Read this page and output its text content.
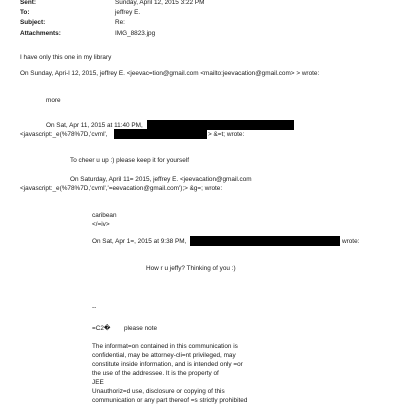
Sent:	Sunday, April 12, 2015 3:22 PM
To:	jeffrey E.
Subject:	Re:
Attachments:	IMG_8823.jpg
I have only this one in my library
On Sunday, Apri-l 12, 2015, jeffrey E. <jeevac=tion@gmail.com <mailto:jeevacation@gmail.com> > wrote:
more
On Sat, Apr 11, 2015 at 11:40 PM,
<javascript:_e(%78%7D,'cvml',	> &=t; wrote:
To cheer u up :) please keep it for yourself
On Saturday, April 11= 2015, jeffrey E. <jeevacation@gmail.com
<javascript:_e(%78%7D,'cvml','=eevacation@gmail.com');> &g=; wrote:
caribean
</=iv>
On Sat, Apr 1=, 2015 at 9:38 PM,	wrote:
How r u jeffy? Thinking of you :)
--
=C2� please note
The informat=on contained in this communication is
confidential, may be attorney-cli=nt privileged, may
constitute inside information, and is intended only =or
the use of the addressee. It is the property of
JEE
Unauthoriz=d use, disclosure or copying of this
communication or any part thereof =s strictly prohibited
